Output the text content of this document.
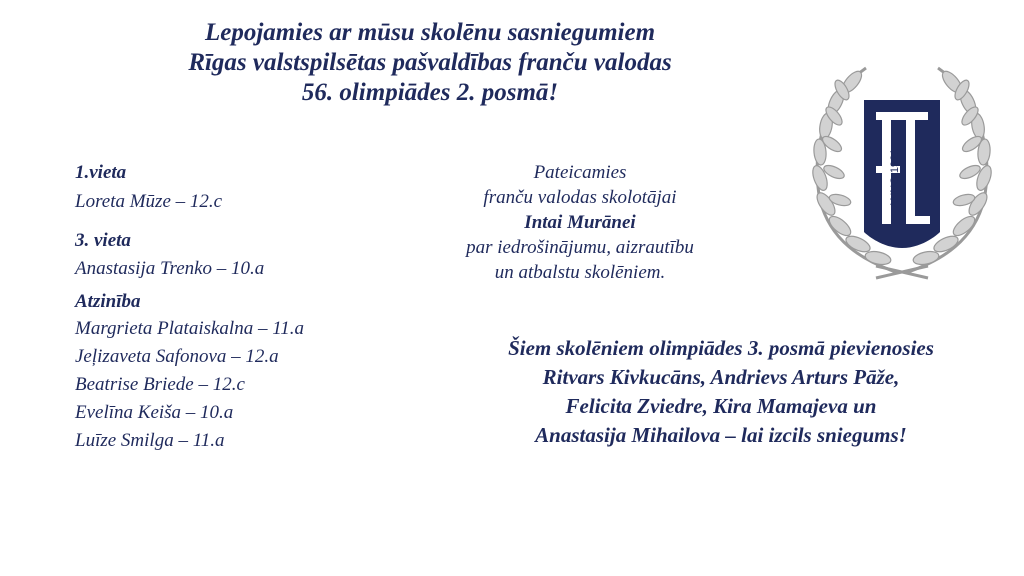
Lepojamies ar mūsu skolēnu sasniegumiem
Rīgas valstspilsētas pašvaldības franču valodas
56. olimpiādes 2. posmā!
ANNO 1921
1.vieta
Loreta Mūze – 12.c
3. vieta
Anastasija Trenko – 10.a
Atzinība
Margrieta Plataiskalna – 11.a
Jeļizaveta Safonova – 12.a
Beatrise Briede – 12.c
Evelīna Keiša – 10.a
Luīze Smilga – 11.a
Pateicamies
franču valodas skolotājai
Intai Murānei
par iedrošinājumu, aizrautību
un atbalstu skolēniem.
Šiem skolēniem olimpiādes 3. posmā pievienosies
Ritvars Kivkucāns, Andrievs Arturs Pāže,
Felicita Zviedre, Kira Mamajeva un
Anastasija Mihailova – lai izcils sniegums!
